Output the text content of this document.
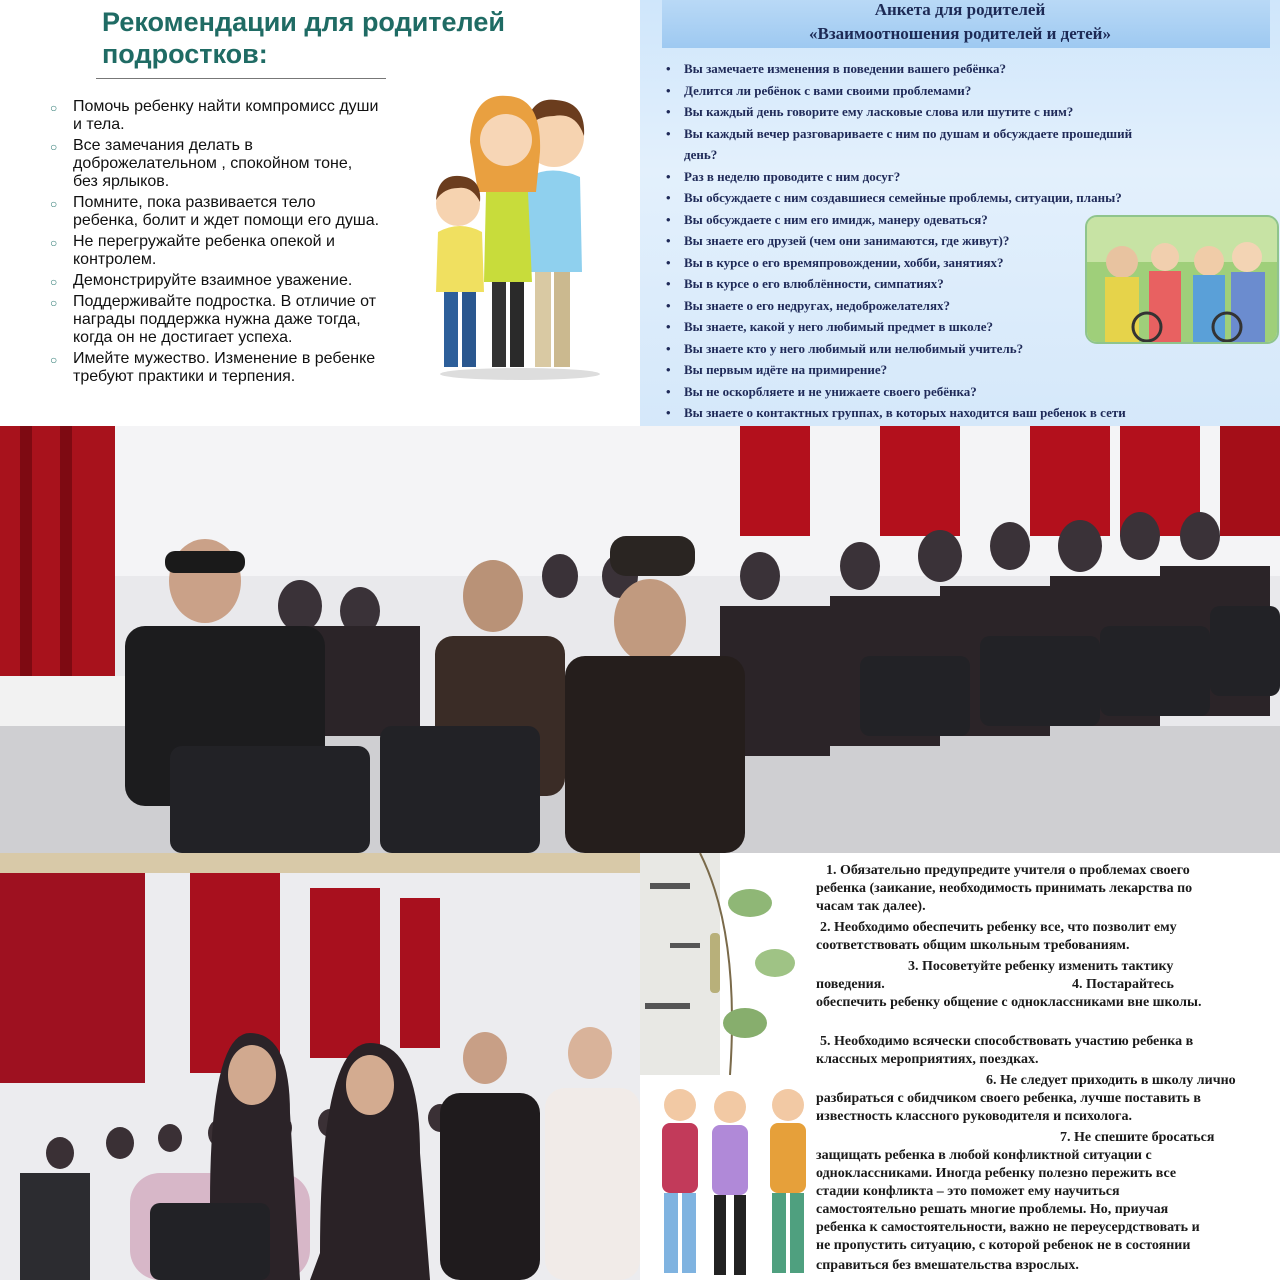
Рекомендации для родителей
подростков:
○ Помочь ребенку найти компромисс души
и тела.
○ Все замечания делать в
доброжелательном , спокойном тоне,
без ярлыков.
○ Помните, пока развивается тело
ребенка, болит и ждет помощи его душа.
○ Не перегружайте ребенка опекой и
контролем.
○ Демонстрируйте взаимное уважение.
○ Поддерживайте подростка. В отличие от
награды поддержка нужна даже тогда,
когда он не достигает успеха.
○ Имейте мужество. Изменение в ребенке
требуют практики и терпения.
Анкета для родителей
«Взаимоотношения родителей и детей»
• Вы замечаете изменения в поведении вашего ребёнка?
• Делится ли ребёнок с вами своими проблемами?
• Вы каждый день говорите ему ласковые слова или шутите с ним?
• Вы каждый вечер разговариваете с ним по душам и обсуждаете прошедший
день?
• Раз в неделю проводите с ним досуг?
• Вы обсуждаете с ним создавшиеся семейные проблемы, ситуации, планы?
• Вы обсуждаете с ним его имидж, манеру одеваться?
• Вы знаете его друзей (чем они занимаются, где живут)?
• Вы в курсе о его времяпровождении, хобби, занятиях?
• Вы в курсе о его влюблённости, симпатиях?
• Вы знаете о его недругах, недоброжелателях?
• Вы знаете, какой у него любимый предмет в школе?
• Вы знаете кто у него любимый или нелюбимый учитель?
• Вы первым идёте на примирение?
• Вы не оскорбляете и не унижаете своего ребёнка?
• Вы знаете о контактных группах, в которых находится ваш ребенок в сети
1. Обязательно предупредите учителя о проблемах своего
ребенка (заикание, необходимость принимать лекарства по
часам так далее).
2. Необходимо обеспечить ребенку все, что позволит ему
соответствовать общим школьным требованиям.
3. Посоветуйте ребенку изменить тактику
поведения.	4. Постарайтесь
обеспечить ребенку общение с одноклассниками вне школы.
5. Необходимо всячески способствовать участию ребенка в
классных мероприятиях, поездках.
6. Не следует приходить в школу лично
разбираться с обидчиком своего ребенка, лучше поставить в
известность классного руководителя и психолога.
7. Не спешите бросаться
защищать ребенка в любой конфликтной ситуации с
одноклассниками. Иногда ребенку полезно пережить все
стадии конфликта – это поможет ему научиться
самостоятельно решать многие проблемы. Но, приучая
ребенка к самостоятельности, важно не переусердствовать и
не пропустить ситуацию, с которой ребенок не в состоянии
справиться без вмешательства взрослых.
